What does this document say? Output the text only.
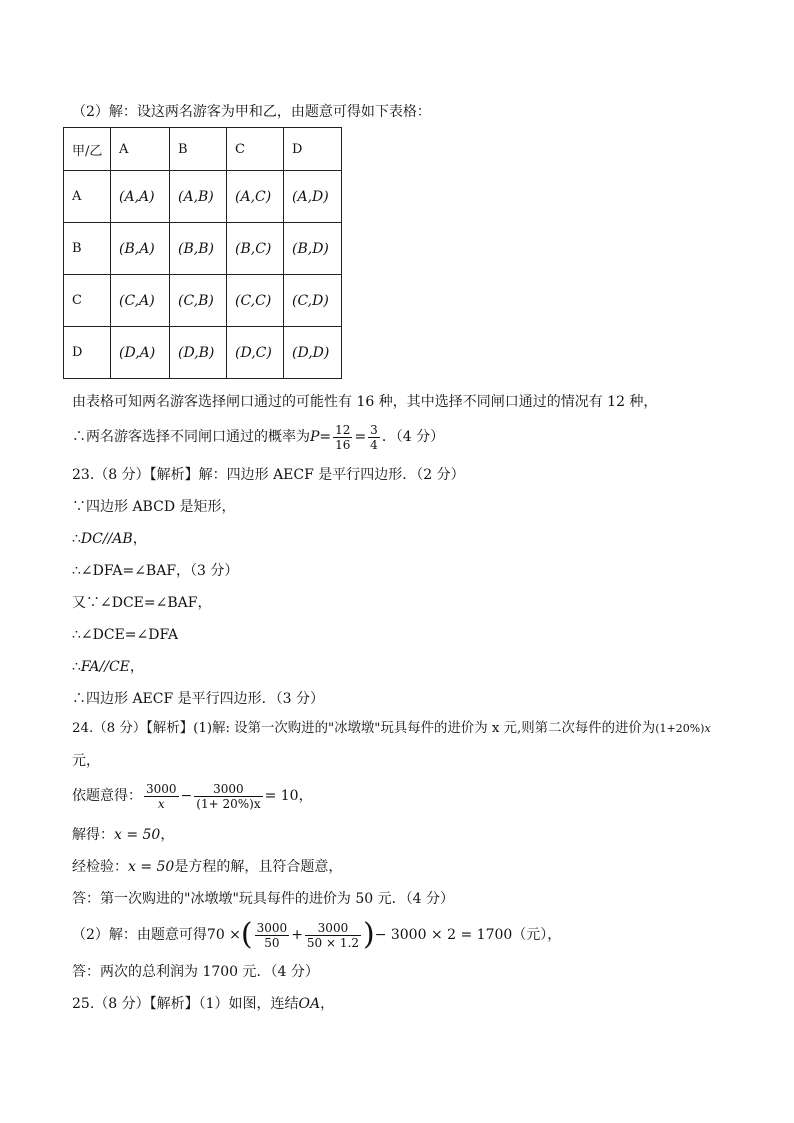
（2）解：设这两名游客为甲和乙，由题意可得如下表格：
甲/乙	A	B	C	D
A	(A,A)	(A,B)	(A,C)	(A,D)
B	(B,A)	(B,B)	(B,C)	(B,D)
C	(C,A)	(C,B)	(C,C)	(C,D)
D	(D,A)	(D,B)	(D,C)	(D,D)
由表格可知两名游客选择闸口通过的可能性有 16 种，其中选择不同闸口通过的情况有 12 种，
∴两名游客选择不同闸口通过的概率为$P= \frac{12}{16} = \frac{3}{4}$ ．（4 分）
23.（8 分）【解析】解：四边形 AECF 是平行四边形．（2 分）
∵四边形 ABCD 是矩形，
∴DC//AB，
∴∠DFA=∠BAF，（3 分）
又∵∠DCE=∠BAF，
∴∠DCE=∠DFA
∴FA//CE，
∴四边形 AECF 是平行四边形．（3 分）
24.（8 分）【解析】(1)解: 设第一次购进的"冰墩墩"玩具每件的进价为 x 元,则第二次每件的进价为(1+20%)x
元，
依题意得： $\frac{3000}{x} - \frac{3000}{(1+ 20\%)x} = 10$，
解得：x = 50，
经检验：x = 50是方程的解，且符合题意，
答：第一次购进的"冰墩墩"玩具每件的进价为 50 元．（4 分）
（2）解：由题意可得70 ×( $\frac{3000}{50} + \frac{3000}{50 \times 1.2}$ )− 3000 × 2 = 1700（元），
答：两次的总利润为 1700 元．（4 分）
25.（8 分）【解析】（1）如图，连结OA，
